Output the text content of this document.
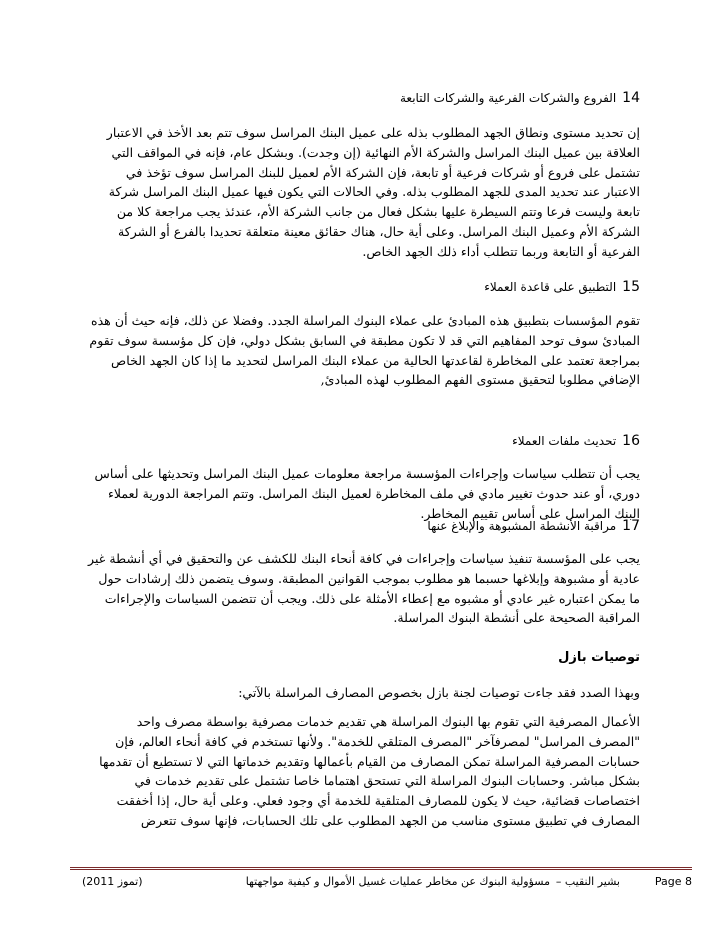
14الفروع والشركات الفرعية والشركات التابعة
إن تحديد مستوى ونطاق الجهد المطلوب بذله على عميل البنك المراسل سوف تتم بعد الأخذ في الاعتبار
العلاقة بين عميل البنك المراسل والشركة الأم النهائية (إن وجدت). وبشكل عام، فإنه في المواقف التي
تشتمل على فروع أو شركات فرعية أو تابعة، فإن الشركة الأم لعميل للبنك المراسل سوف تؤخذ في
الاعتبار عند تحديد المدى للجهد المطلوب بذله. وفي الحالات التي يكون فيها عميل البنك المراسل شركة
تابعة وليست فرعا وتتم السيطرة عليها بشكل فعال من جانب الشركة الأم، عندئذ يجب مراجعة كلا من
الشركة الأم وعميل البنك المراسل. وعلى أية حال، هناك حقائق معينة متعلقة تحديدا بالفرع أو الشركة
الفرعية أو التابعة وربما تتطلب أداء ذلك الجهد الخاص.
15التطبيق على قاعدة العملاء
تقوم المؤسسات بتطبيق هذه المبادئ على عملاء البنوك المراسلة الجدد. وفضلا عن ذلك، فإنه حيث أن هذه
المبادئ سوف توحد المفاهيم التي قد لا تكون مطبقة في السابق بشكل دولي، فإن كل مؤسسة سوف تقوم
بمراجعة تعتمد على المخاطرة لقاعدتها الحالية من عملاء البنك المراسل لتحديد ما إذا كان الجهد الخاص
الإضافي مطلوبا لتحقيق مستوى الفهم المطلوب لهذه المبادئ,
16تحديث ملفات العملاء
يجب أن تتطلب سياسات وإجراءات المؤسسة مراجعة معلومات عميل البنك المراسل وتحديثها على أساس
دوري، أو عند حدوث تغيير مادي في ملف المخاطرة لعميل البنك المراسل. وتتم المراجعة الدورية لعملاء
البنك المراسل على أساس تقييم المخاطر.
17مراقبة الأنشطة المشبوهة والإبلاغ عنها
يجب على المؤسسة تنفيذ سياسات وإجراءات في كافة أنحاء البنك للكشف عن والتحقيق في أي أنشطة غير
عادية أو مشبوهة وإبلاغها حسبما هو مطلوب بموجب القوانين المطبقة. وسوف يتضمن ذلك إرشادات حول
ما يمكن اعتباره غير عادي أو مشبوه مع إعطاء الأمثلة على ذلك. ويجب أن تتضمن السياسات والإجراءات
المراقبة الصحيحة على أنشطة البنوك المراسلة.
توصيات بازل
وبهذا الصدد فقد جاءت توصيات لجنة بازل بخصوص المصارف المراسلة بالآتي:
الأعمال المصرفية التي تقوم بها البنوك المراسلة هي تقديم خدمات مصرفية بواسطة مصرف واحد
"المصرف المراسل" لمصرفآخر "المصرف المتلقي للخدمة". ولأنها تستخدم في كافة أنحاء العالم، فإن
حسابات المصرفية المراسلة تمكن المصارف من القيام بأعمالها وتقديم خدماتها التي لا تستطيع أن تقدمها
بشكل مباشر. وحسابات البنوك المراسلة التي تستحق اهتماما خاصا تشتمل على تقديم خدمات في
اختصاصات قضائية، حيث لا يكون للمصارف المتلقية للخدمة أي وجود فعلي. وعلى أية حال، إذا أخفقت
المصارف في تطبيق مستوى مناسب من الجهد المطلوب على تلك الحسابات، فإنها سوف تتعرض
Page 8
بشير النقيب –
مسؤولية البنوك عن مخاطر عمليات غسيل الأموال و كيفية مواجهتها
(تموز 2011)
